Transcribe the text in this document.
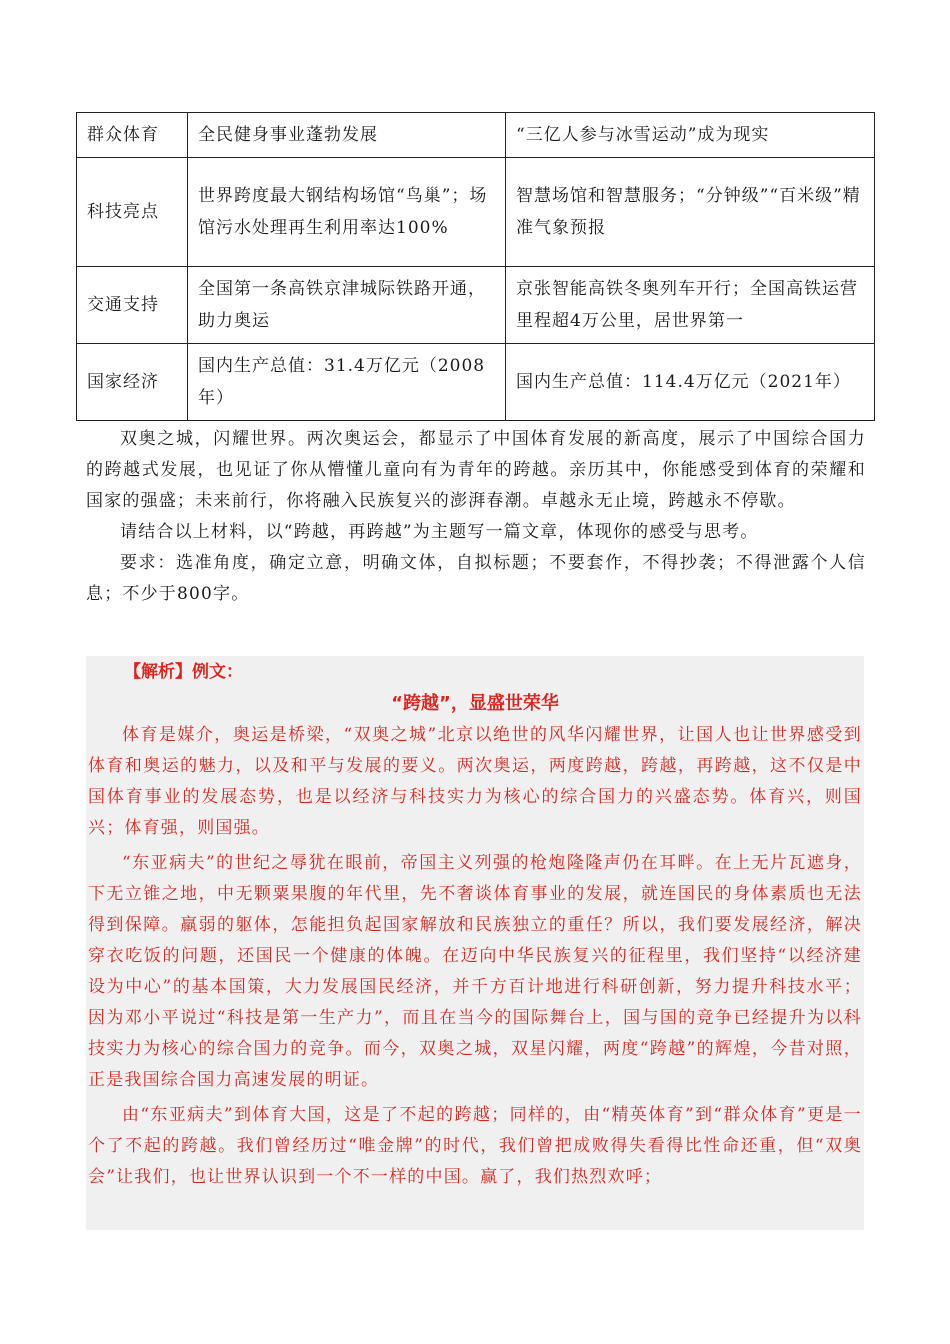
群众体育	全民健身事业蓬勃发展	“三亿人参与冰雪运动”成为现实
科技亮点	世界跨度最大钢结构场馆“鸟巢”；场馆污水处理再生利用率达100%	智慧场馆和智慧服务；“分钟级”“百米级”精准气象预报
交通支持	全国第一条高铁京津城际铁路开通，助力奥运	京张智能高铁冬奥列车开行；全国高铁运营里程超4万公里，居世界第一
国家经济	国内生产总值：31.4万亿元（2008年）	国内生产总值：114.4万亿元（2021年）

双奥之城，闪耀世界。两次奥运会，都显示了中国体育发展的新高度，展示了中国综合国力的跨越式发展，也见证了你从懵懂儿童向有为青年的跨越。亲历其中，你能感受到体育的荣耀和国家的强盛；未来前行，你将融入民族复兴的澎湃春潮。卓越永无止境，跨越永不停歇。

请结合以上材料，以“跨越，再跨越”为主题写一篇文章，体现你的感受与思考。

要求：选准角度，确定立意，明确文体，自拟标题；不要套作，不得抄袭；不得泄露个人信息；不少于800字。

【解析】例文：
“跨越”，显盛世荣华

体育是媒介，奥运是桥梁，“双奥之城”北京以绝世的风华闪耀世界，让国人也让世界感受到体育和奥运的魅力，以及和平与发展的要义。两次奥运，两度跨越，跨越，再跨越，这不仅是中国体育事业的发展态势，也是以经济与科技实力为核心的综合国力的兴盛态势。体育兴，则国兴；体育强，则国强。

“东亚病夫”的世纪之辱犹在眼前，帝国主义列强的枪炮隆隆声仍在耳畔。在上无片瓦遮身，下无立锥之地，中无颗粟果腹的年代里，先不奢谈体育事业的发展，就连国民的身体素质也无法得到保障。羸弱的躯体，怎能担负起国家解放和民族独立的重任？所以，我们要发展经济，解决穿衣吃饭的问题，还国民一个健康的体魄。在迈向中华民族复兴的征程里，我们坚持“以经济建设为中心”的基本国策，大力发展国民经济，并千方百计地进行科研创新，努力提升科技水平；因为邓小平说过“科技是第一生产力”，而且在当今的国际舞台上，国与国的竞争已经提升为以科技实力为核心的综合国力的竞争。而今，双奥之城，双星闪耀，两度“跨越”的辉煌，今昔对照，正是我国综合国力高速发展的明证。

由“东亚病夫”到体育大国，这是了不起的跨越；同样的，由“精英体育”到“群众体育”更是一个了不起的跨越。我们曾经历过“唯金牌”的时代，我们曾把成败得失看得比性命还重，但“双奥会”让我们，也让世界认识到一个不一样的中国。赢了，我们热烈欢呼；
